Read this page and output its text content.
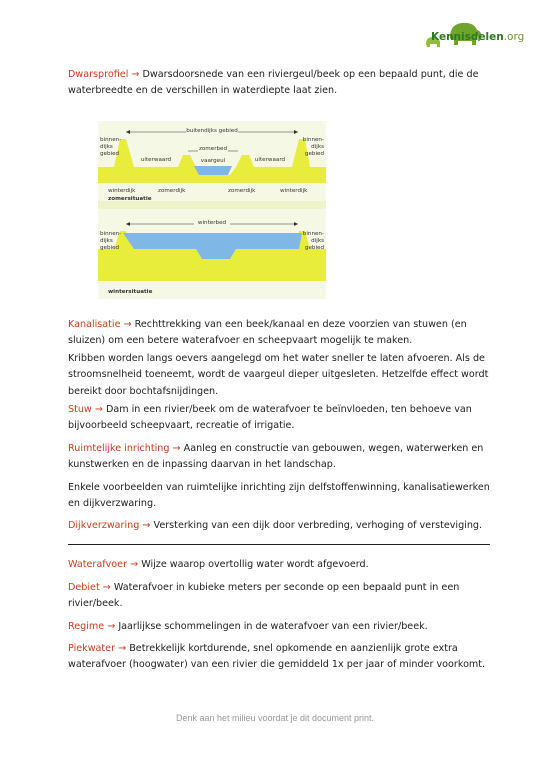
Kennisdelen.org

Dwarsprofiel → Dwarsdoorsnede van een riviergeul/beek op een bepaald punt, die de waterbreedte en de verschillen in waterdiepte laat zien.

buitendijks gebied
zomerbed
vaargeul
uiterwaard	uiterwaard
binnen-
dijks
gebied
binnen-
dijks
gebied
winterdijk	zomerdijk	zomerdijk	winterdijk
zomersituatie
winterbed
binnen-
dijks
gebied
binnen-
dijks
gebied
wintersituatie

Kanalisatie → Rechttrekking van een beek/kanaal en deze voorzien van stuwen (en sluizen) om een betere waterafvoer en scheepvaart mogelijk te maken.

Kribben worden langs oevers aangelegd om het water sneller te laten afvoeren. Als de stroomsnelheid toeneemt, wordt de vaargeul dieper uitgesleten. Hetzelfde effect wordt bereikt door bochtafsnijdingen.

Stuw → Dam in een rivier/beek om de waterafvoer te beïnvloeden, ten behoeve van bijvoorbeeld scheepvaart, recreatie of irrigatie.

Ruimtelijke inrichting → Aanleg en constructie van gebouwen, wegen, waterwerken en kunstwerken en de inpassing daarvan in het landschap.

Enkele voorbeelden van ruimtelijke inrichting zijn delfstoffenwinning, kanalisatiewerken en dijkverzwaring.

Dijkverzwaring → Versterking van een dijk door verbreding, verhoging of versteviging.

Waterafvoer → Wijze waarop overtollig water wordt afgevoerd.

Debiet → Waterafvoer in kubieke meters per seconde op een bepaald punt in een rivier/beek.

Regime → Jaarlijkse schommelingen in de waterafvoer van een rivier/beek.

Piekwater → Betrekkelijk kortdurende, snel opkomende en aanzienlijk grote extra waterafvoer (hoogwater) van een rivier die gemiddeld 1x per jaar of minder voorkomt.

Denk aan het milieu voordat je dit document print.
